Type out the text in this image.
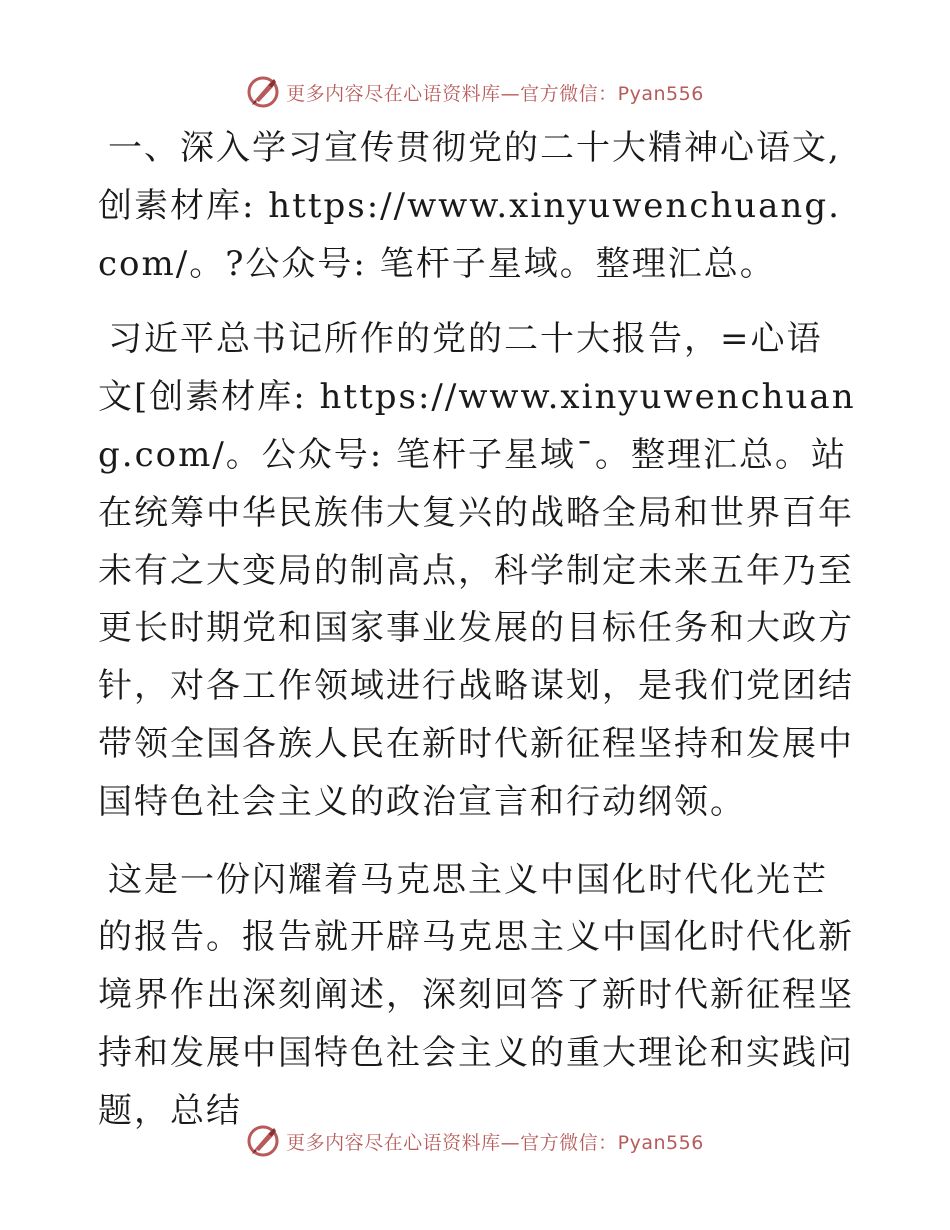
更多内容尽在心语资料库—官方微信：Pyan556

一、深入学习宣传贯彻党的二十大精神心语文,创素材库: https://www.xinyuwenchuang.com/。?公众号: 笔杆子星域。整理汇总。

习近平总书记所作的党的二十大报告，=心语文[创素材库: https://www.xinyuwenchuang.com/。公众号: 笔杆子星域¯。整理汇总。站在统筹中华民族伟大复兴的战略全局和世界百年未有之大变局的制高点，科学制定未来五年乃至更长时期党和国家事业发展的目标任务和大政方针，对各工作领域进行战略谋划，是我们党团结带领全国各族人民在新时代新征程坚持和发展中国特色社会主义的政治宣言和行动纲领。

这是一份闪耀着马克思主义中国化时代化光芒的报告。报告就开辟马克思主义中国化时代化新境界作出深刻阐述，深刻回答了新时代新征程坚持和发展中国特色社会主义的重大理论和实践问题，总结

更多内容尽在心语资料库—官方微信：Pyan556
